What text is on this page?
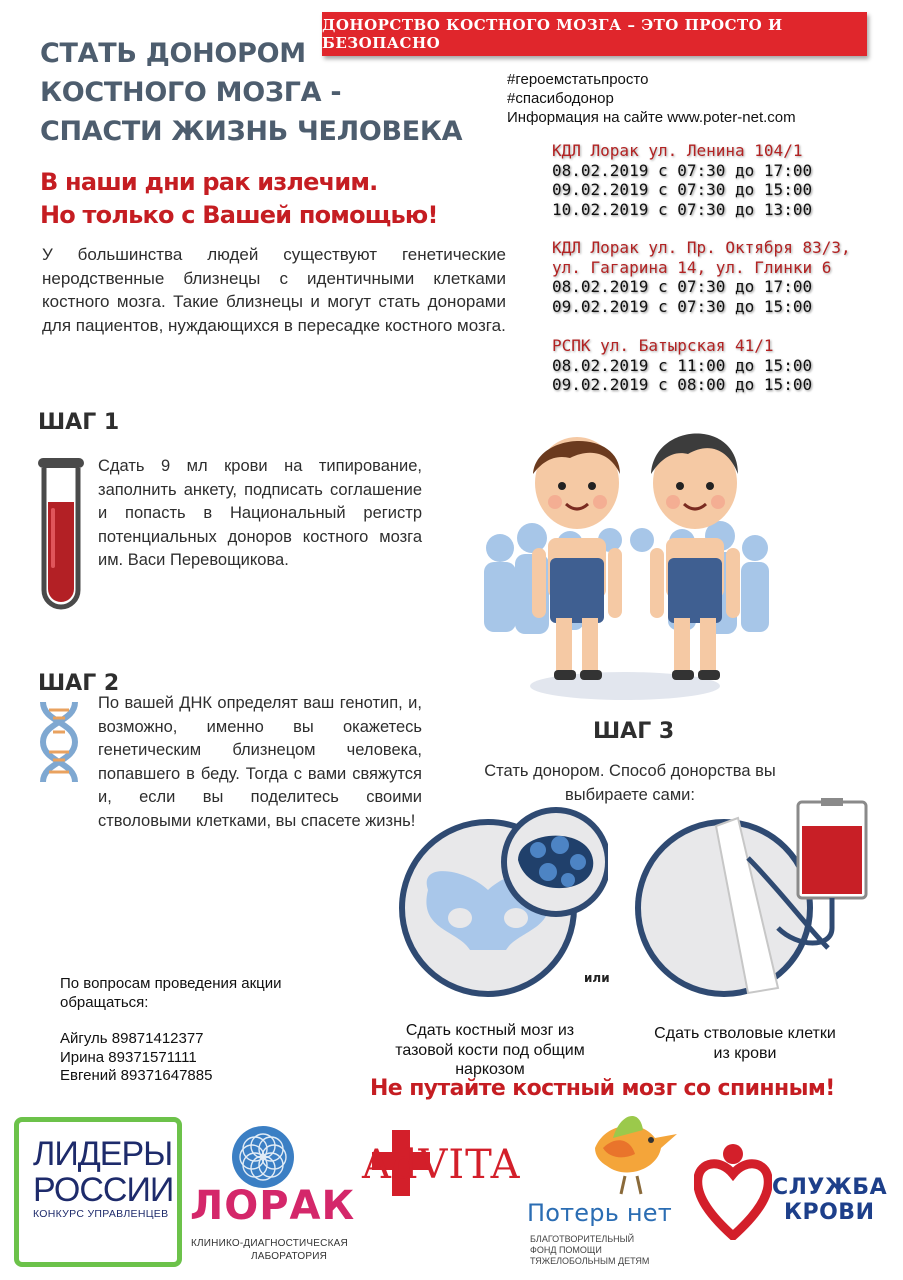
ДОНОРСТВО КОСТНОГО МОЗГА – ЭТО ПРОСТО И БЕЗОПАСНО
СТАТЬ ДОНОРОМ
КОСТНОГО МОЗГА -
СПАСТИ ЖИЗНЬ ЧЕЛОВЕКА
#героемстатьпросто
#спасибодонор
Информация на сайте www.poter-net.com
КДЛ Лорак ул. Ленина 104/1
08.02.2019 с 07:30 до 17:00
09.02.2019 с 07:30 до 15:00
10.02.2019 с 07:30 до 13:00
КДЛ Лорак ул. Пр. Октября 83/3,
ул. Гагарина 14, ул. Глинки 6
08.02.2019 с 07:30 до 17:00
09.02.2019 с 07:30 до 15:00
РСПК ул. Батырская 41/1
08.02.2019 с 11:00 до 15:00
09.02.2019 с 08:00 до 15:00
В наши дни рак излечим.
Но только с Вашей помощью!
У большинства людей существуют генетические неродственные близнецы с идентичными клетками костного мозга. Такие близнецы и могут стать донорами для пациентов, нуждающихся в пересадке костного мозга.
ШАГ 1
Сдать 9 мл крови на типирование, заполнить анкету, подписать соглашение и попасть в Национальный регистр потенциальных доноров костного мозга им. Васи Перевощикова.
ШАГ 2
По вашей ДНК определят ваш генотип, и, возможно, именно вы окажетесь генетическим близнецом человека, попавшего в беду. Тогда с вами свяжутся и, если вы поделитесь своими стволовыми клетками, вы спасете жизнь!
ШАГ 3
Стать донором. Способ донорства вы
выбираете сами:
или
Сдать костный мозг из
тазовой кости под общим
наркозом
Сдать стволовые клетки
из крови
По вопросам проведения акции
обращаться:
Айгуль 89871412377
Ирина 89371571111
Евгений 89371647885
Не путайте костный мозг со спинным!
ЛИДЕРЫ
РОССИИ
КОНКУРС УПРАВЛЕНЦЕВ ЛОРАК
КЛИНИКО-ДИАГНОСТИЧЕСКАЯ
ЛАБОРАТОРИЯ
AdVITA
Потерь нет
БЛАГОТВОРИТЕЛЬНЫЙ
ФОНД ПОМОЩИ
ТЯЖЕЛОБОЛЬНЫМ ДЕТЯМ
СЛУЖБА
КРОВИ
